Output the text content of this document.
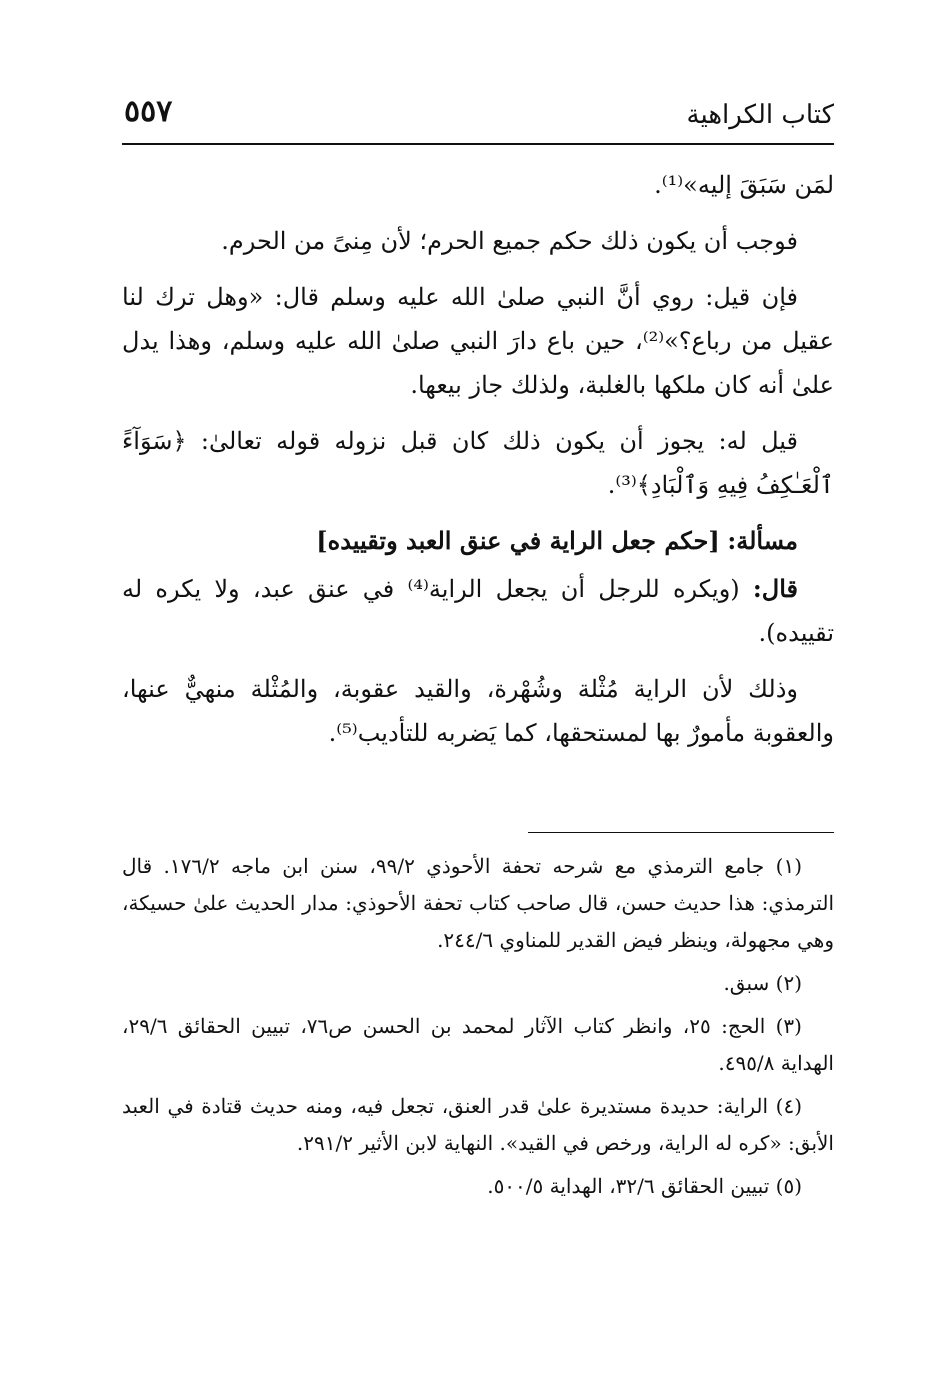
كتاب الكراهية
٥٥٧

لمَن سَبَقَ إليه»⁽¹⁾.

فوجب أن يكون ذلك حكم جميع الحرم؛ لأن مِنىً من الحرم.

فإن قيل: روي أنَّ النبي صلىٰ الله عليه وسلم قال: «وهل ترك لنا عقيل من رباع؟»⁽²⁾، حين باع دارَ النبي صلىٰ الله عليه وسلم، وهذا يدل علىٰ أنه كان ملكها بالغلبة، ولذلك جاز بيعها.

قيل له: يجوز أن يكون ذلك كان قبل نزوله قوله تعالىٰ: ﴿سَوَآءً ٱلْعَـٰكِفُ فِيهِ وَٱلْبَادِ﴾⁽³⁾.

مسألة: [حكم جعل الراية في عنق العبد وتقييده]

قال: (ويكره للرجل أن يجعل الراية⁽⁴⁾ في عنق عبد، ولا يكره له تقييده).

وذلك لأن الراية مُثْلة وشُهْرة، والقيد عقوبة، والمُثْلة منهيٌّ عنها، والعقوبة مأمورٌ بها لمستحقها، كما يَضربه للتأديب⁽⁵⁾.

(١) جامع الترمذي مع شرحه تحفة الأحوذي ٩٩/٢، سنن ابن ماجه ١٧٦/٢. قال الترمذي: هذا حديث حسن، قال صاحب كتاب تحفة الأحوذي: مدار الحديث علىٰ حسيكة، وهي مجهولة، وينظر فيض القدير للمناوي ٢٤٤/٦.

(٢) سبق.

(٣) الحج: ٢٥، وانظر كتاب الآثار لمحمد بن الحسن ص٧٦، تبيين الحقائق ٢٩/٦، الهداية ٤٩٥/٨.

(٤) الراية: حديدة مستديرة علىٰ قدر العنق، تجعل فيه، ومنه حديث قتادة في العبد الأبق: «كره له الراية، ورخص في القيد». النهاية لابن الأثير ٢٩١/٢.

(٥) تبيين الحقائق ٣٢/٦، الهداية ٥٠٠/٥.
